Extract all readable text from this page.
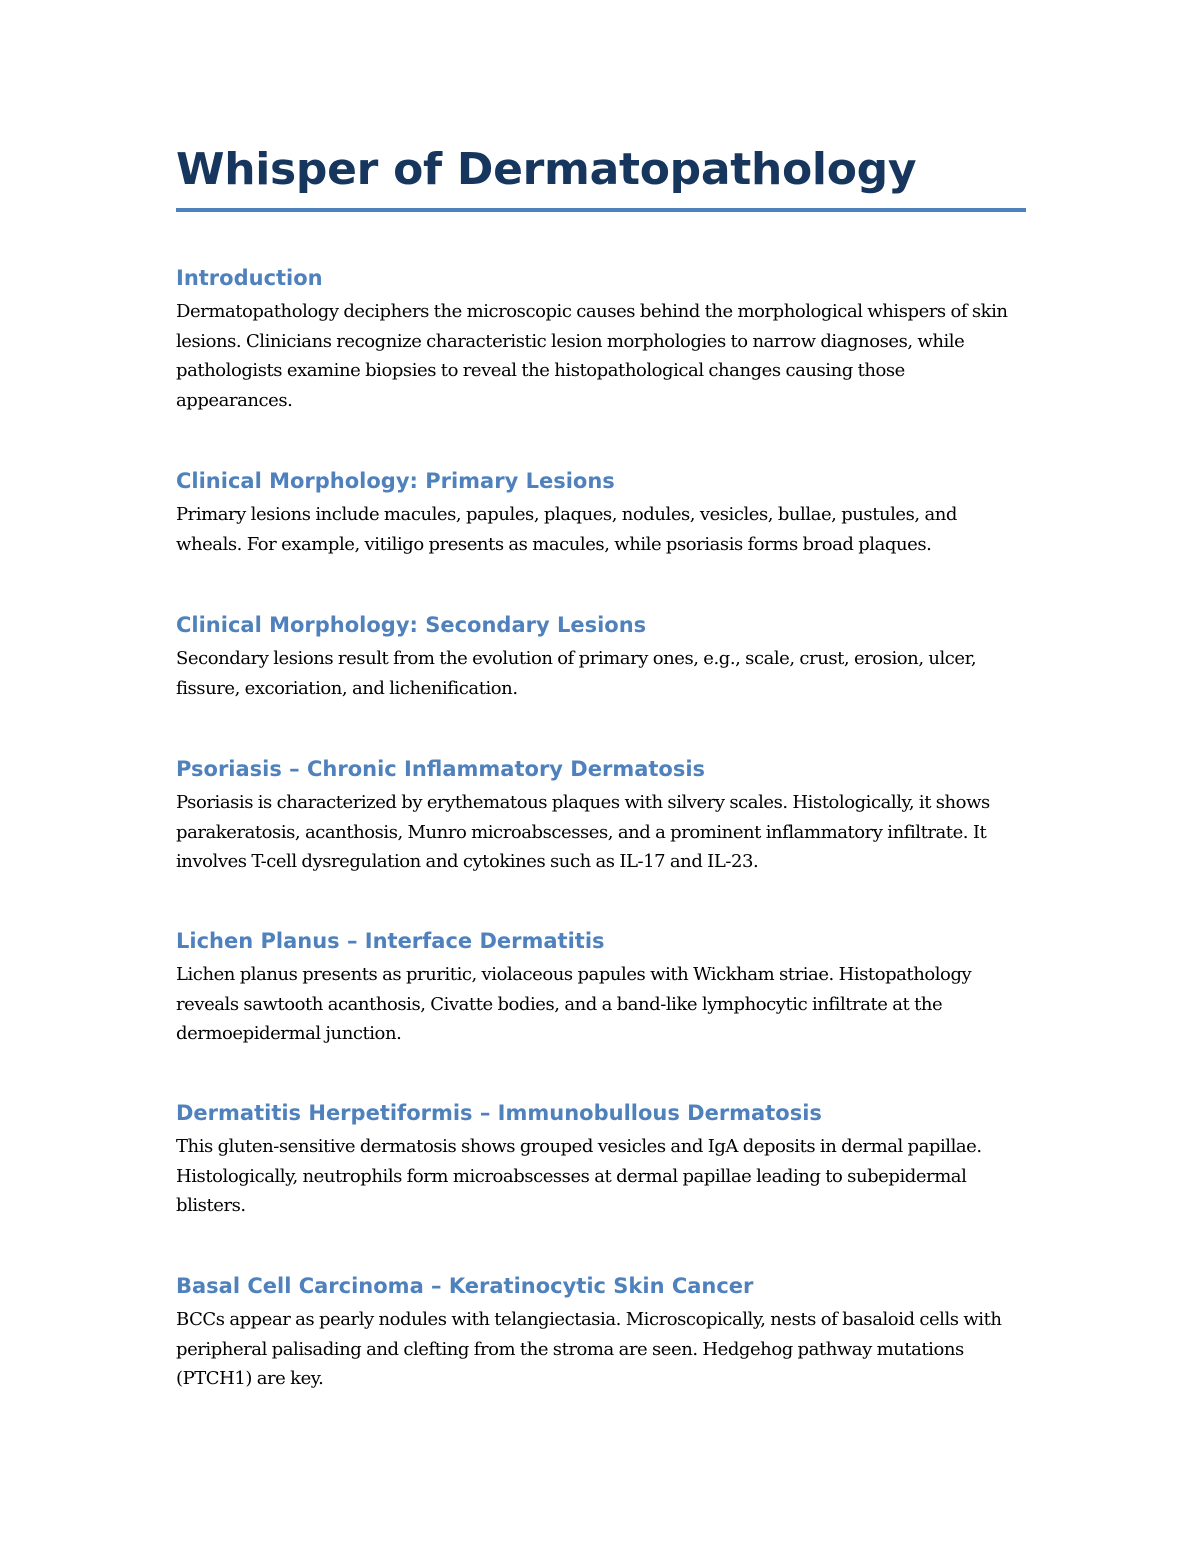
Whisper of Dermatopathology
Introduction

Dermatopathology deciphers the microscopic causes behind the morphological whispers of skin lesions. Clinicians recognize characteristic lesion morphologies to narrow diagnoses, while pathologists examine biopsies to reveal the histopathological changes causing those appearances.

Clinical Morphology: Primary Lesions

Primary lesions include macules, papules, plaques, nodules, vesicles, bullae, pustules, and wheals. For example, vitiligo presents as macules, while psoriasis forms broad plaques.

Clinical Morphology: Secondary Lesions

Secondary lesions result from the evolution of primary ones, e.g., scale, crust, erosion, ulcer, fissure, excoriation, and lichenification.

Psoriasis – Chronic Inflammatory Dermatosis

Psoriasis is characterized by erythematous plaques with silvery scales. Histologically, it shows parakeratosis, acanthosis, Munro microabscesses, and a prominent inflammatory infiltrate. It involves T-cell dysregulation and cytokines such as IL-17 and IL-23.

Lichen Planus – Interface Dermatitis

Lichen planus presents as pruritic, violaceous papules with Wickham striae. Histopathology reveals sawtooth acanthosis, Civatte bodies, and a band-like lymphocytic infiltrate at the dermoepidermal junction.

Dermatitis Herpetiformis – Immunobullous Dermatosis

This gluten-sensitive dermatosis shows grouped vesicles and IgA deposits in dermal papillae. Histologically, neutrophils form microabscesses at dermal papillae leading to subepidermal blisters.

Basal Cell Carcinoma – Keratinocytic Skin Cancer

BCCs appear as pearly nodules with telangiectasia. Microscopically, nests of basaloid cells with peripheral palisading and clefting from the stroma are seen. Hedgehog pathway mutations (PTCH1) are key.
